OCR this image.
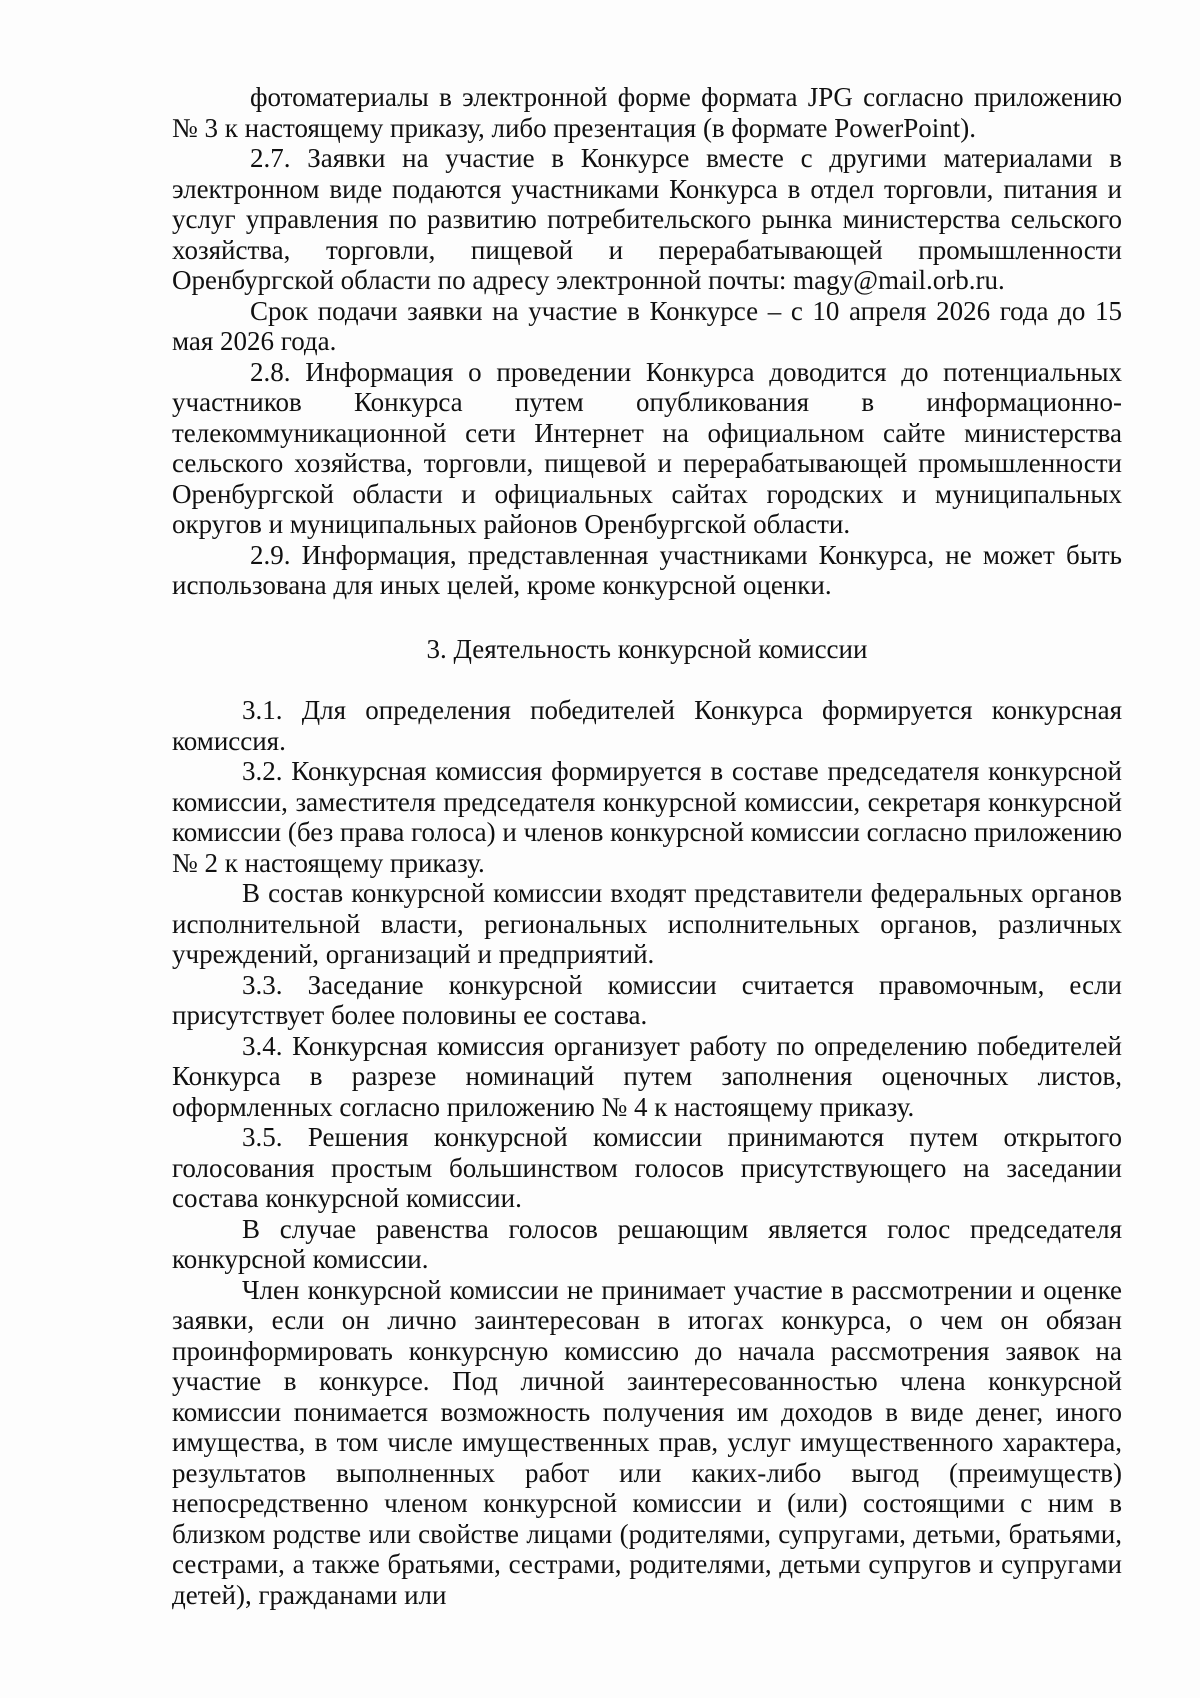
фотоматериалы в электронной форме формата JPG согласно приложению № 3 к настоящему приказу, либо презентация (в формате PowerPoint).

2.7. Заявки на участие в Конкурсе вместе с другими материалами в электронном виде подаются участниками Конкурса в отдел торговли, питания и услуг управления по развитию потребительского рынка министерства сельского хозяйства, торговли, пищевой и перерабатывающей промышленности Оренбургской области по адресу электронной почты: magy@mail.orb.ru.

Срок подачи заявки на участие в Конкурсе – с 10 апреля 2026 года до 15 мая 2026 года.

2.8. Информация о проведении Конкурса доводится до потенциальных участников Конкурса путем опубликования в информационно-телекоммуникационной сети Интернет на официальном сайте министерства сельского хозяйства, торговли, пищевой и перерабатывающей промышленности Оренбургской области и официальных сайтах городских и муниципальных округов и муниципальных районов Оренбургской области.

2.9. Информация, представленная участниками Конкурса, не может быть использована для иных целей, кроме конкурсной оценки.

3. Деятельность конкурсной комиссии

3.1. Для определения победителей Конкурса формируется конкурсная комиссия.

3.2. Конкурсная комиссия формируется в составе председателя конкурсной комиссии, заместителя председателя конкурсной комиссии, секретаря конкурсной комиссии (без права голоса) и членов конкурсной комиссии согласно приложению № 2 к настоящему приказу.

В состав конкурсной комиссии входят представители федеральных органов исполнительной власти, региональных исполнительных органов, различных учреждений, организаций и предприятий.

3.3. Заседание конкурсной комиссии считается правомочным, если присутствует более половины ее состава.

3.4. Конкурсная комиссия организует работу по определению победителей Конкурса в разрезе номинаций путем заполнения оценочных листов, оформленных согласно приложению № 4 к настоящему приказу.

3.5. Решения конкурсной комиссии принимаются путем открытого голосования простым большинством голосов присутствующего на заседании состава конкурсной комиссии.

В случае равенства голосов решающим является голос председателя конкурсной комиссии.

Член конкурсной комиссии не принимает участие в рассмотрении и оценке заявки, если он лично заинтересован в итогах конкурса, о чем он обязан проинформировать конкурсную комиссию до начала рассмотрения заявок на участие в конкурсе. Под личной заинтересованностью члена конкурсной комиссии понимается возможность получения им доходов в виде денег, иного имущества, в том числе имущественных прав, услуг имущественного характера, результатов выполненных работ или каких-либо выгод (преимуществ) непосредственно членом конкурсной комиссии и (или) состоящими с ним в близком родстве или свойстве лицами (родителями, супругами, детьми, братьями, сестрами, а также братьями, сестрами, родителями, детьми супругов и супругами детей), гражданами или
